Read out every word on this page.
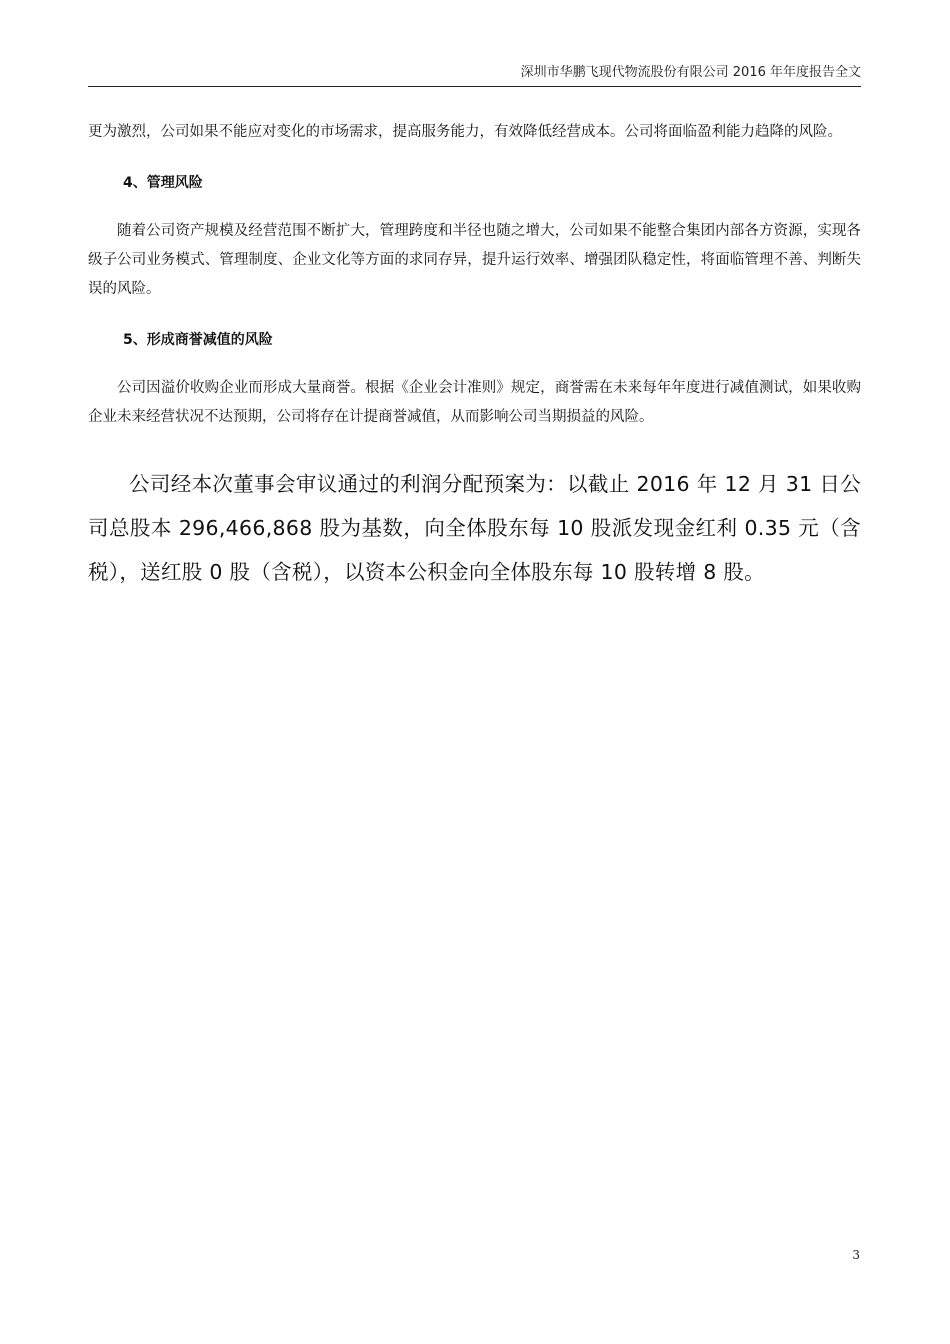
深圳市华鹏飞现代物流股份有限公司 2016 年年度报告全文

更为激烈，公司如果不能应对变化的市场需求，提高服务能力，有效降低经营成本。公司将面临盈利能力趋降的风险。

4、管理风险

随着公司资产规模及经营范围不断扩大，管理跨度和半径也随之增大，公司如果不能整合集团内部各方资源，实现各级子公司业务模式、管理制度、企业文化等方面的求同存异，提升运行效率、增强团队稳定性，将面临管理不善、判断失误的风险。

5、形成商誉减值的风险

公司因溢价收购企业而形成大量商誉。根据《企业会计准则》规定，商誉需在未来每年年度进行减值测试，如果收购企业未来经营状况不达预期，公司将存在计提商誉减值，从而影响公司当期损益的风险。

公司经本次董事会审议通过的利润分配预案为：以截止 2016 年 12 月 31 日公司总股本 296,466,868 股为基数，向全体股东每 10 股派发现金红利 0.35 元（含税），送红股 0 股（含税），以资本公积金向全体股东每 10 股转增 8 股。

3
